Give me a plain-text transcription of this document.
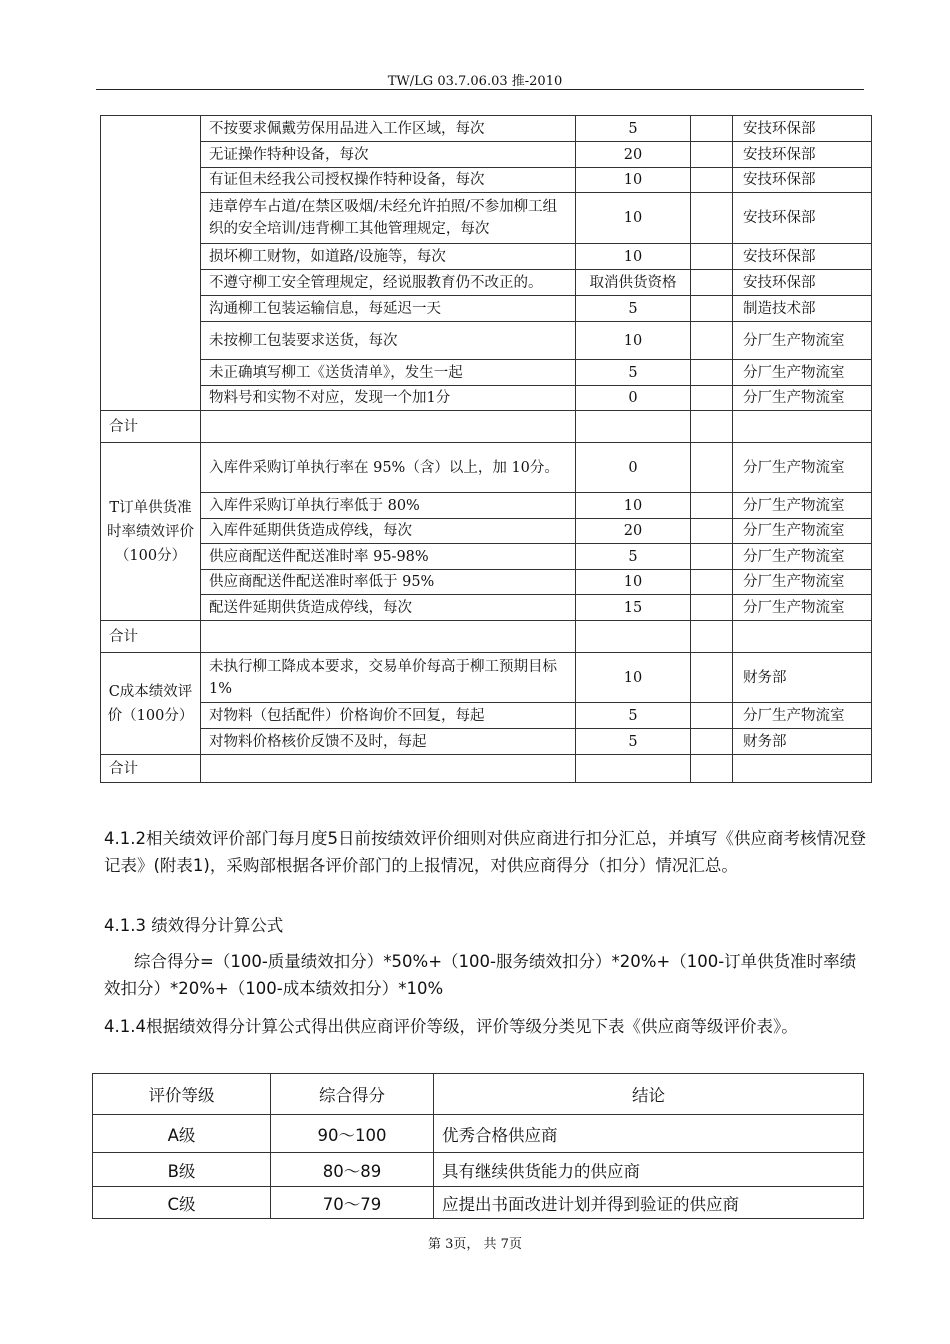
TW/LG 03.7.06.03 推-2010
	不按要求佩戴劳保用品进入工作区域，每次	5		安技环保部
	无证操作特种设备，每次	20		安技环保部
	有证但未经我公司授权操作特种设备，每次	10		安技环保部
	违章停车占道/在禁区吸烟/未经允许拍照/不参加柳工组织的安全培训/违背柳工其他管理规定，每次	10		安技环保部
	损坏柳工财物，如道路/设施等，每次	10		安技环保部
	不遵守柳工安全管理规定，经说服教育仍不改正的。	取消供货资格		安技环保部
	沟通柳工包装运输信息，每延迟一天	5		制造技术部
	未按柳工包装要求送货，每次	10		分厂生产物流室
	未正确填写柳工《送货清单》，发生一起	5		分厂生产物流室
	物料号和实物不对应，发现一个加1分	0		分厂生产物流室
合计				
T订单供货准时率绩效评价（100分）	入库件采购订单执行率在 95%（含）以上，加 10分。	0		分厂生产物流室
	入库件采购订单执行率低于 80%	10		分厂生产物流室
	入库件延期供货造成停线，每次	20		分厂生产物流室
	供应商配送件配送准时率 95-98%	5		分厂生产物流室
	供应商配送件配送准时率低于 95%	10		分厂生产物流室
	配送件延期供货造成停线，每次	15		分厂生产物流室
合计				
C成本绩效评价（100分）	未执行柳工降成本要求，交易单价每高于柳工预期目标 1%	10		财务部
	对物料（包括配件）价格询价不回复，每起	5		分厂生产物流室
	对物料价格核价反馈不及时，每起	5		财务部
合计				
4.1.2相关绩效评价部门每月度5日前按绩效评价细则对供应商进行扣分汇总，并填写《供应商考核情况登记表》(附表1)，采购部根据各评价部门的上报情况，对供应商得分（扣分）情况汇总。
4.1.3 绩效得分计算公式
综合得分=（100-质量绩效扣分）*50%+（100-服务绩效扣分）*20%+（100-订单供货准时率绩效扣分）*20%+（100-成本绩效扣分）*10%
4.1.4根据绩效得分计算公式得出供应商评价等级，评价等级分类见下表《供应商等级评价表》。
评价等级	综合得分	结论
A级	90～100	优秀合格供应商
B级	80～89	具有继续供货能力的供应商
C级	70～79	应提出书面改进计划并得到验证的供应商
第 3页， 共 7页
